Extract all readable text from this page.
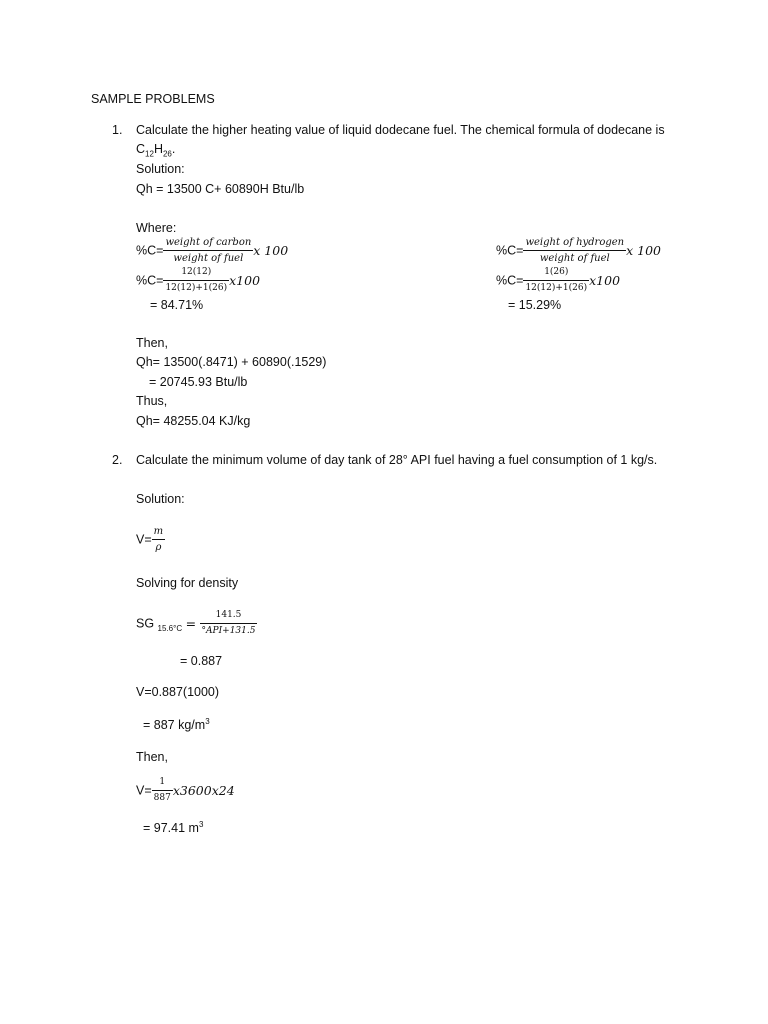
SAMPLE PROBLEMS
1. Calculate the higher heating value of liquid dodecane fuel. The chemical formula of dodecane is
$C_{12}H_{26}$.
Solution:
Qh = 13500 C+ 60890H Btu/lb
Where:
$\%C= \frac{\text{weight of carbon}}{\text{weight of fuel}}$ x 100
$\%C= \frac{12(12)}{12(12)+1(26)} x100$
= 84.71%
$\%C= \frac{\text{weight of hydrogen}}{\text{weight of fuel}}$ x 100
$\%C= \frac{1(26)}{12(12)+1(26)} x100$
= 15.29%
Then,
Qh= 13500(.8471) + 60890(.1529)
= 20745.93 Btu/lb
Thus,
Qh= 48255.04 KJ/kg
2. Calculate the minimum volume of day tank of 28° API fuel having a fuel consumption of 1 kg/s.
Solution:
$V= \frac{m}{\rho}$
Solving for density
SG $_{15.6^\circ C} = \frac{141.5}{\text{°API+131.5}}$
= 0.887
V=0.887(1000)
= 887 $kg/m^3$
Then,
$V= \frac{1}{887} x3600x24$
= 97.41 $m^3$
